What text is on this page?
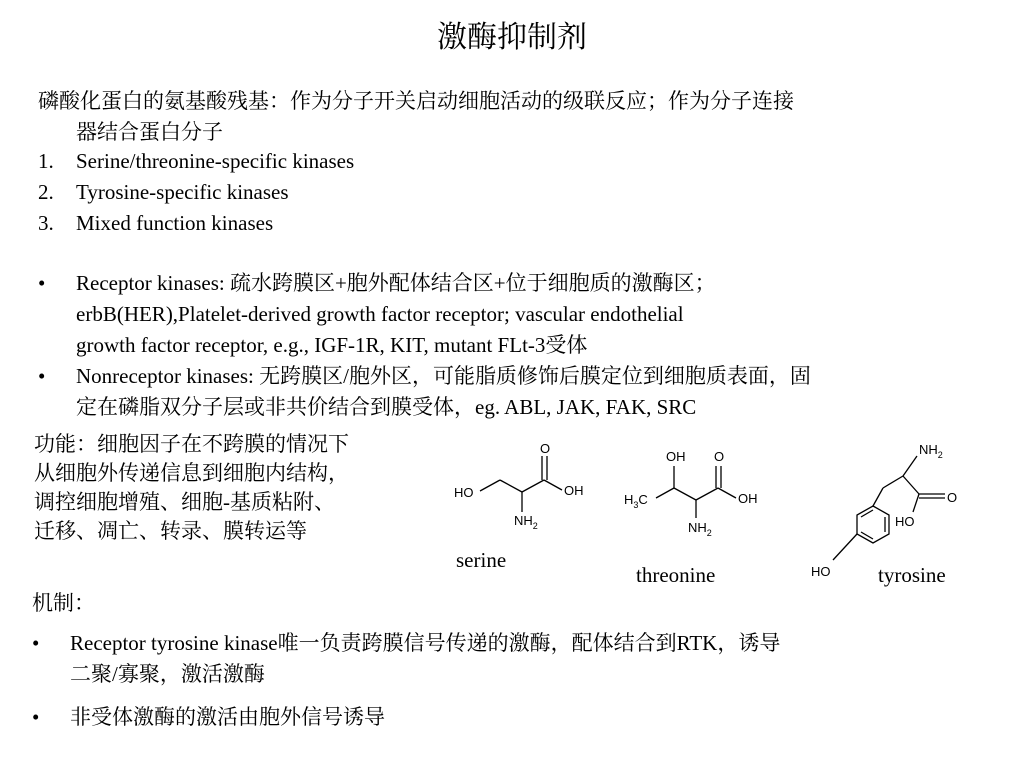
激酶抑制剂
磷酸化蛋白的氨基酸残基：作为分子开关启动细胞活动的级联反应；作为分子连接
器结合蛋白分子
1.	Serine/threonine-specific kinases
2.	Tyrosine-specific kinases
3.	Mixed function kinases
•	Receptor kinases: 疏水跨膜区+胞外配体结合区+位于细胞质的激酶区；
erbB(HER),Platelet-derived growth factor receptor; vascular endothelial
growth factor receptor, e.g., IGF-1R, KIT, mutant FLt-3受体
•	Nonreceptor kinases: 无跨膜区/胞外区，可能脂质修饰后膜定位到细胞质表面，固
定在磷脂双分子层或非共价结合到膜受体，eg. ABL, JAK, FAK, SRC
功能：细胞因子在不跨膜的情况下
从细胞外传递信息到细胞内结构，
调控细胞增殖、细胞-基质粘附、
迁移、凋亡、转录、膜转运等
HO
O
OH
$NH_2$
serine
OH O
$H_3C$	OH
$NH_2$
threonine
$NH_2$
O
HO
HO tyrosine
机制：
•	Receptor tyrosine kinase唯一负责跨膜信号传递的激酶，配体结合到RTK，诱导
二聚/寡聚，激活激酶
•	非受体激酶的激活由胞外信号诱导
